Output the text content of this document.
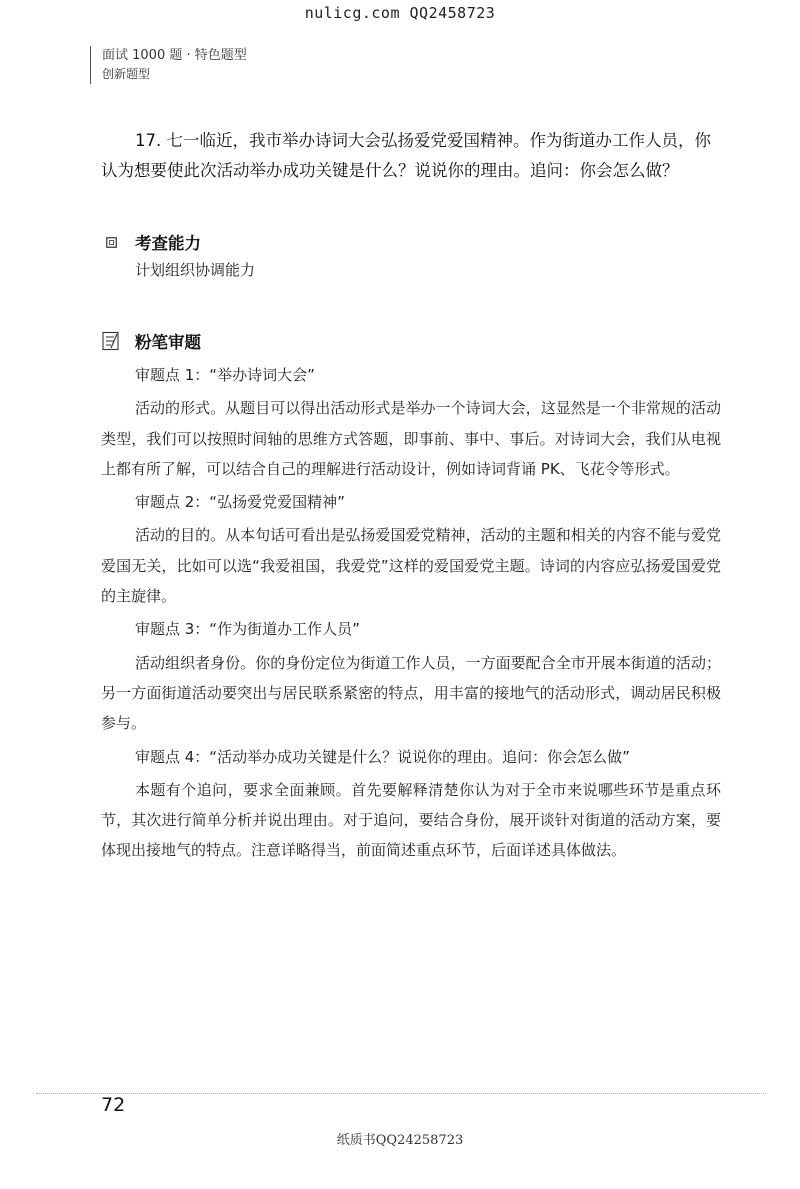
nulicg.com QQ2458723
面试 1000 题 · 特色题型
创新题型

17. 七一临近，我市举办诗词大会弘扬爱党爱国精神。作为街道办工作人员，你认为想要使此次活动举办成功关键是什么？说说你的理由。追问：你会怎么做？

考查能力
计划组织协调能力
粉笔审题
审题点 1：“举办诗词大会”
活动的形式。从题目可以得出活动形式是举办一个诗词大会，这显然是一个非常规的活动类型，我们可以按照时间轴的思维方式答题，即事前、事中、事后。对诗词大会，我们从电视上都有所了解，可以结合自己的理解进行活动设计，例如诗词背诵 PK、飞花令等形式。
审题点 2：“弘扬爱党爱国精神”
活动的目的。从本句话可看出是弘扬爱国爱党精神，活动的主题和相关的内容不能与爱党爱国无关，比如可以选“我爱祖国，我爱党”这样的爱国爱党主题。诗词的内容应弘扬爱国爱党的主旋律。
审题点 3：“作为街道办工作人员”
活动组织者身份。你的身份定位为街道工作人员，一方面要配合全市开展本街道的活动；另一方面街道活动要突出与居民联系紧密的特点，用丰富的接地气的活动形式，调动居民积极参与。
审题点 4：“活动举办成功关键是什么？说说你的理由。追问：你会怎么做”
本题有个追问，要求全面兼顾。首先要解释清楚你认为对于全市来说哪些环节是重点环节，其次进行简单分析并说出理由。对于追问，要结合身份，展开谈针对街道的活动方案，要体现出接地气的特点。注意详略得当，前面简述重点环节，后面详述具体做法。
72
纸质书QQ24258723
